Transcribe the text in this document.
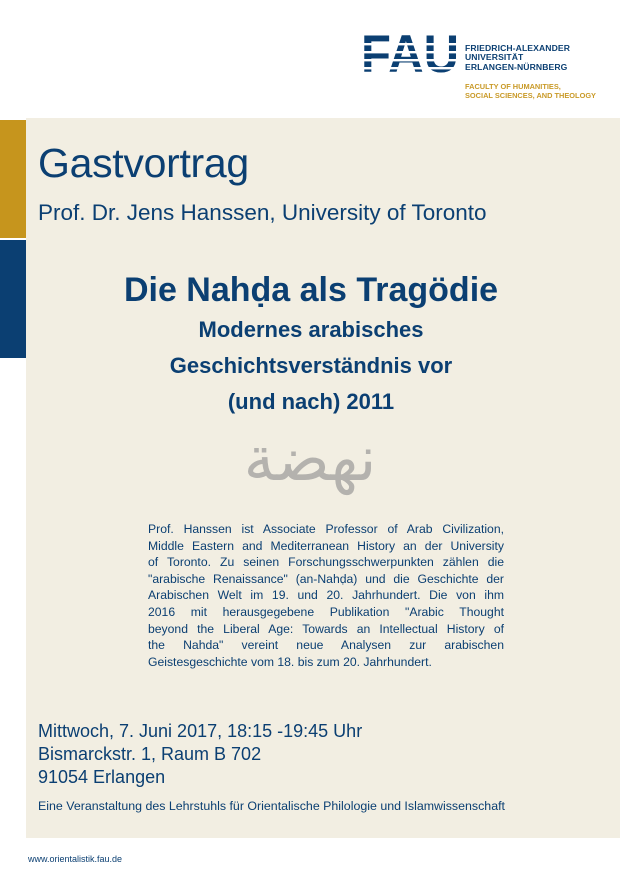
FRIEDRICH-ALEXANDER
UNIVERSITÄT
ERLANGEN-NÜRNBERG
FACULTY OF HUMANITIES,
SOCIAL SCIENCES, AND THEOLOGY
Gastvortrag
Prof. Dr. Jens Hanssen, University of Toronto
Die Nahḍa als Tragödie
Modernes arabisches
Geschichtsverständnis vor
(und nach) 2011
نهضة
Prof. Hanssen ist Associate Professor of Arab Civilization,
Middle Eastern and Mediterranean History an der University
of Toronto. Zu seinen Forschungsschwerpunkten zählen die
"arabische Renaissance" (an-Nahḍa) und die Geschichte der
Arabischen Welt im 19. und 20. Jahrhundert. Die von ihm
2016 mit herausgegebene Publikation "Arabic Thought
beyond the Liberal Age: Towards an Intellectual History of
the Nahda" vereint neue Analysen zur arabischen
Geistesgeschichte vom 18. bis zum 20. Jahrhundert.
Mittwoch, 7. Juni 2017, 18:15 -19:45 Uhr
Bismarckstr. 1, Raum B 702
91054 Erlangen
Eine Veranstaltung des Lehrstuhls für Orientalische Philologie und Islamwissenschaft
www.orientalistik.fau.de
